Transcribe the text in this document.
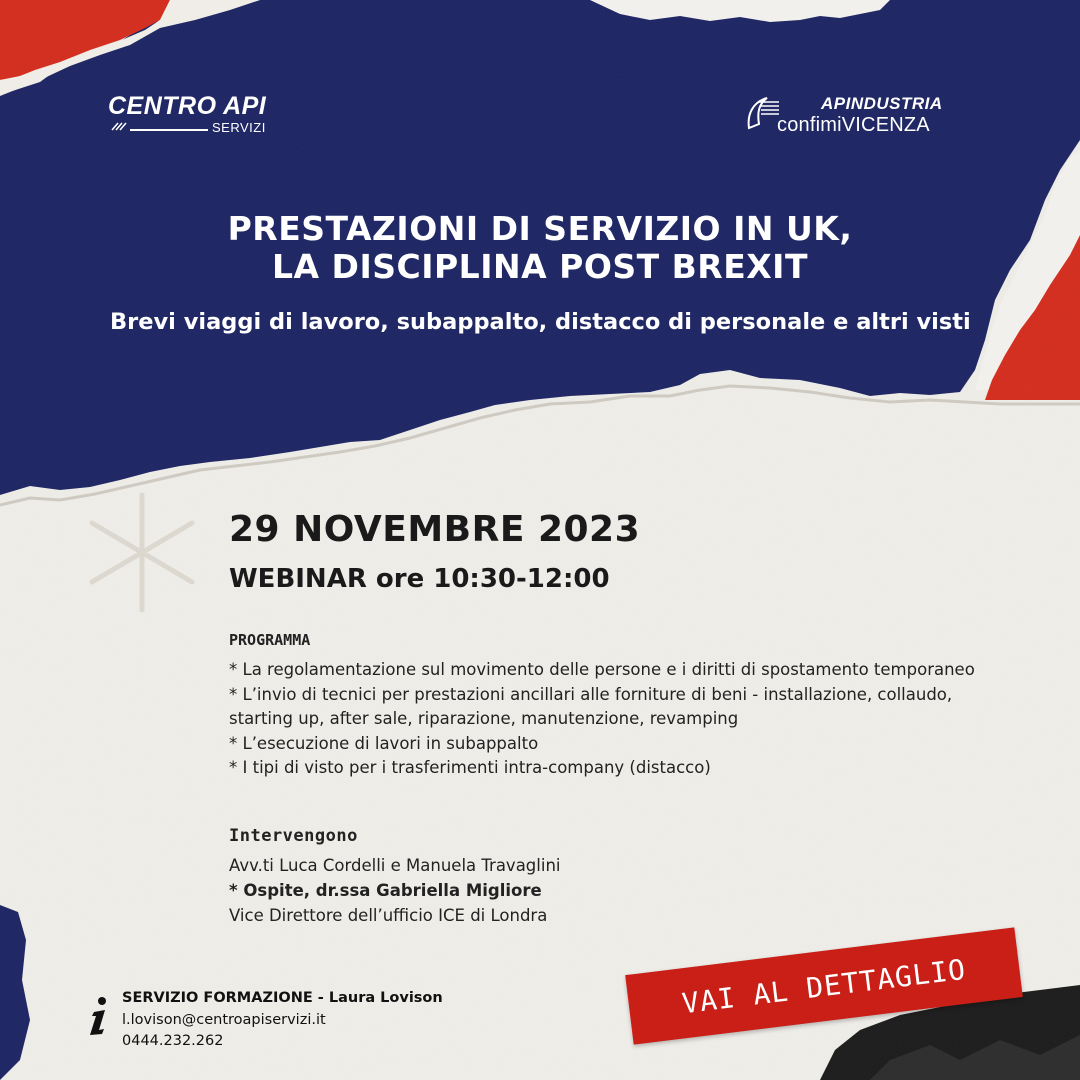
CENTRO API
SERVIZI
APINDUSTRIA
confimiVICENZA
PRESTAZIONI DI SERVIZIO IN UK,
LA DISCIPLINA POST BREXIT
Brevi viaggi di lavoro, subappalto, distacco di personale e altri visti
29 NOVEMBRE 2023
WEBINAR ore 10:30-12:00
PROGRAMMA
* La regolamentazione sul movimento delle persone e i diritti di spostamento temporaneo
* L’invio di tecnici per prestazioni ancillari alle forniture di beni - installazione, collaudo, starting up, after sale, riparazione, manutenzione, revamping
* L’esecuzione di lavori in subappalto
* I tipi di visto per i trasferimenti intra-company (distacco)
Intervengono
Avv.ti Luca Cordelli e Manuela Travaglini
* Ospite, dr.ssa Gabriella Migliore
Vice Direttore dell’ufficio ICE di Londra
SERVIZIO FORMAZIONE - Laura Lovison
l.lovison@centroapiservizi.it
0444.232.262
VAI AL DETTAGLIO
